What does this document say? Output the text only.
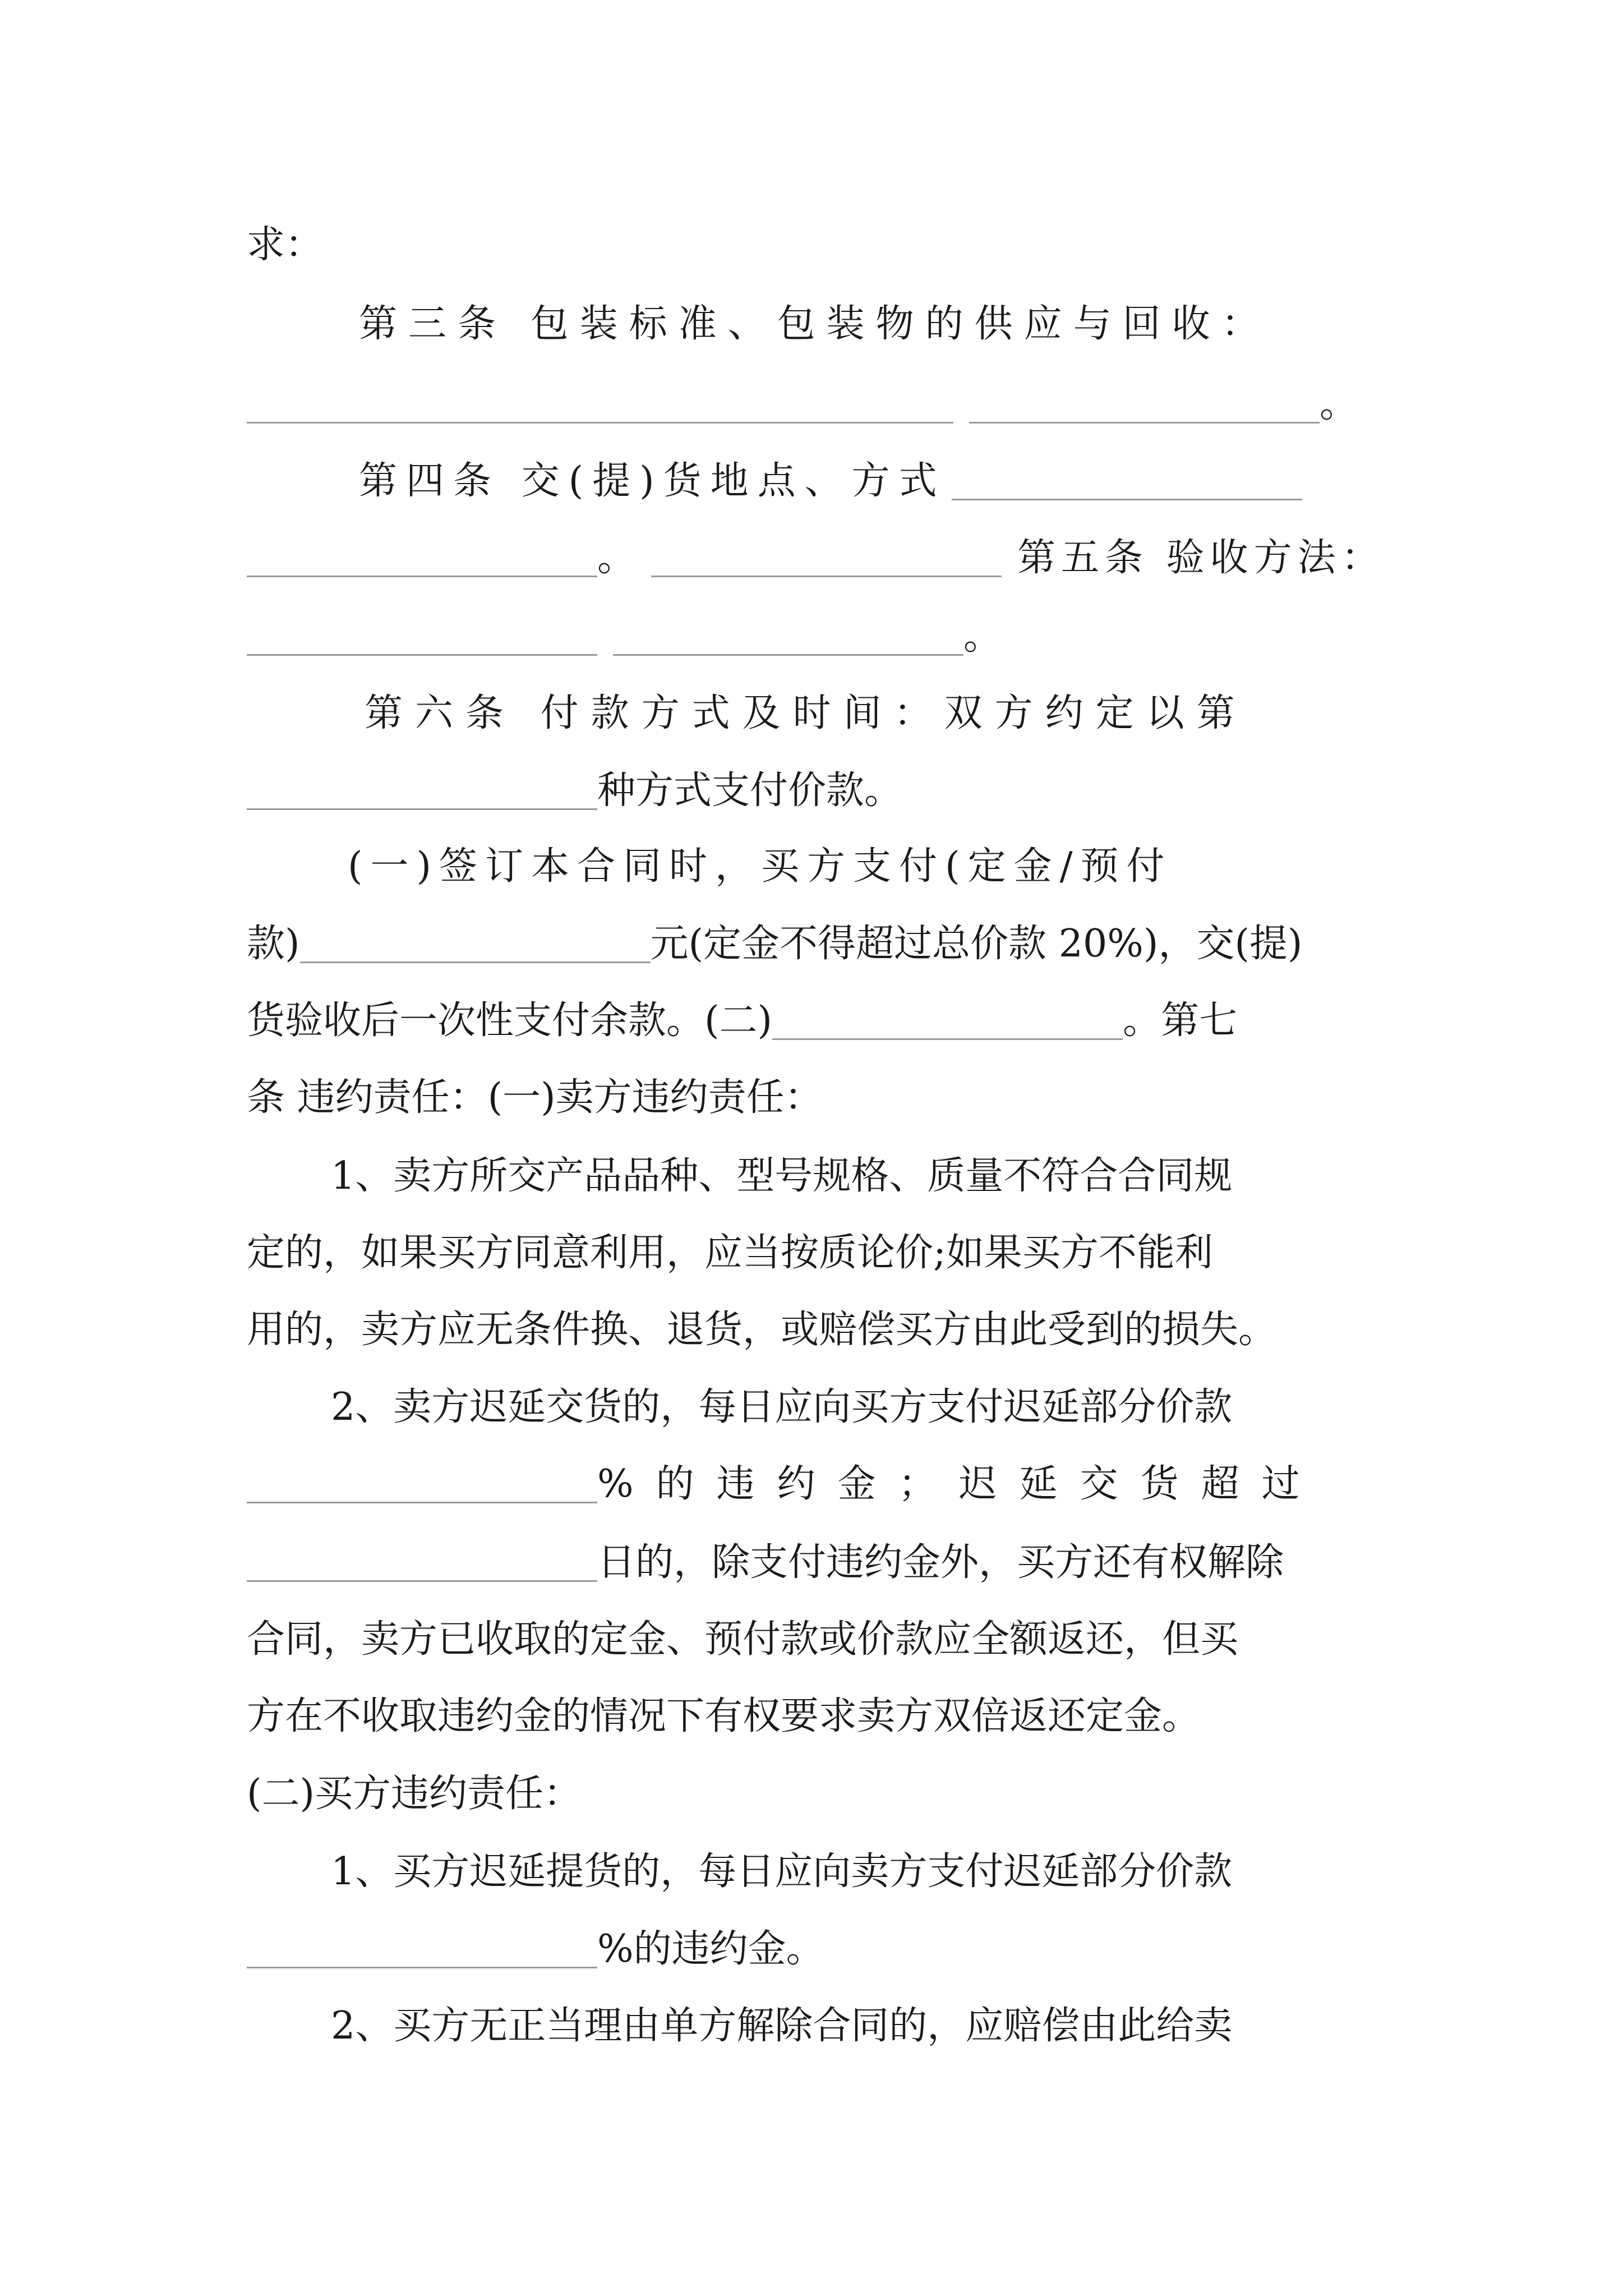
求：
第三条 包装标准、包装物的供应与回收：
。
第四条 交(提)货地点、方式
。	第五条 验收方法：
。
第六条 付款方式及时间：双方约定以第
种方式支付价款。
(一)签订本合同时，买方支付(定金/预付
款)	元(定金不得超过总价款 20%)，交(提)
货验收后一次性支付余款。(二)	。第七
条 违约责任：(一)卖方违约责任：
1、卖方所交产品品种、型号规格、质量不符合合同规
定的，如果买方同意利用，应当按质论价;如果买方不能利
用的，卖方应无条件换、退货，或赔偿买方由此受到的损失。
2、卖方迟延交货的，每日应向买方支付迟延部分价款
%的违约金；迟延交货超过
日的，除支付违约金外，买方还有权解除
合同，卖方已收取的定金、预付款或价款应全额返还，但买
方在不收取违约金的情况下有权要求卖方双倍返还定金。
(二)买方违约责任：
1、买方迟延提货的，每日应向卖方支付迟延部分价款
%的违约金。
2、买方无正当理由单方解除合同的，应赔偿由此给卖
